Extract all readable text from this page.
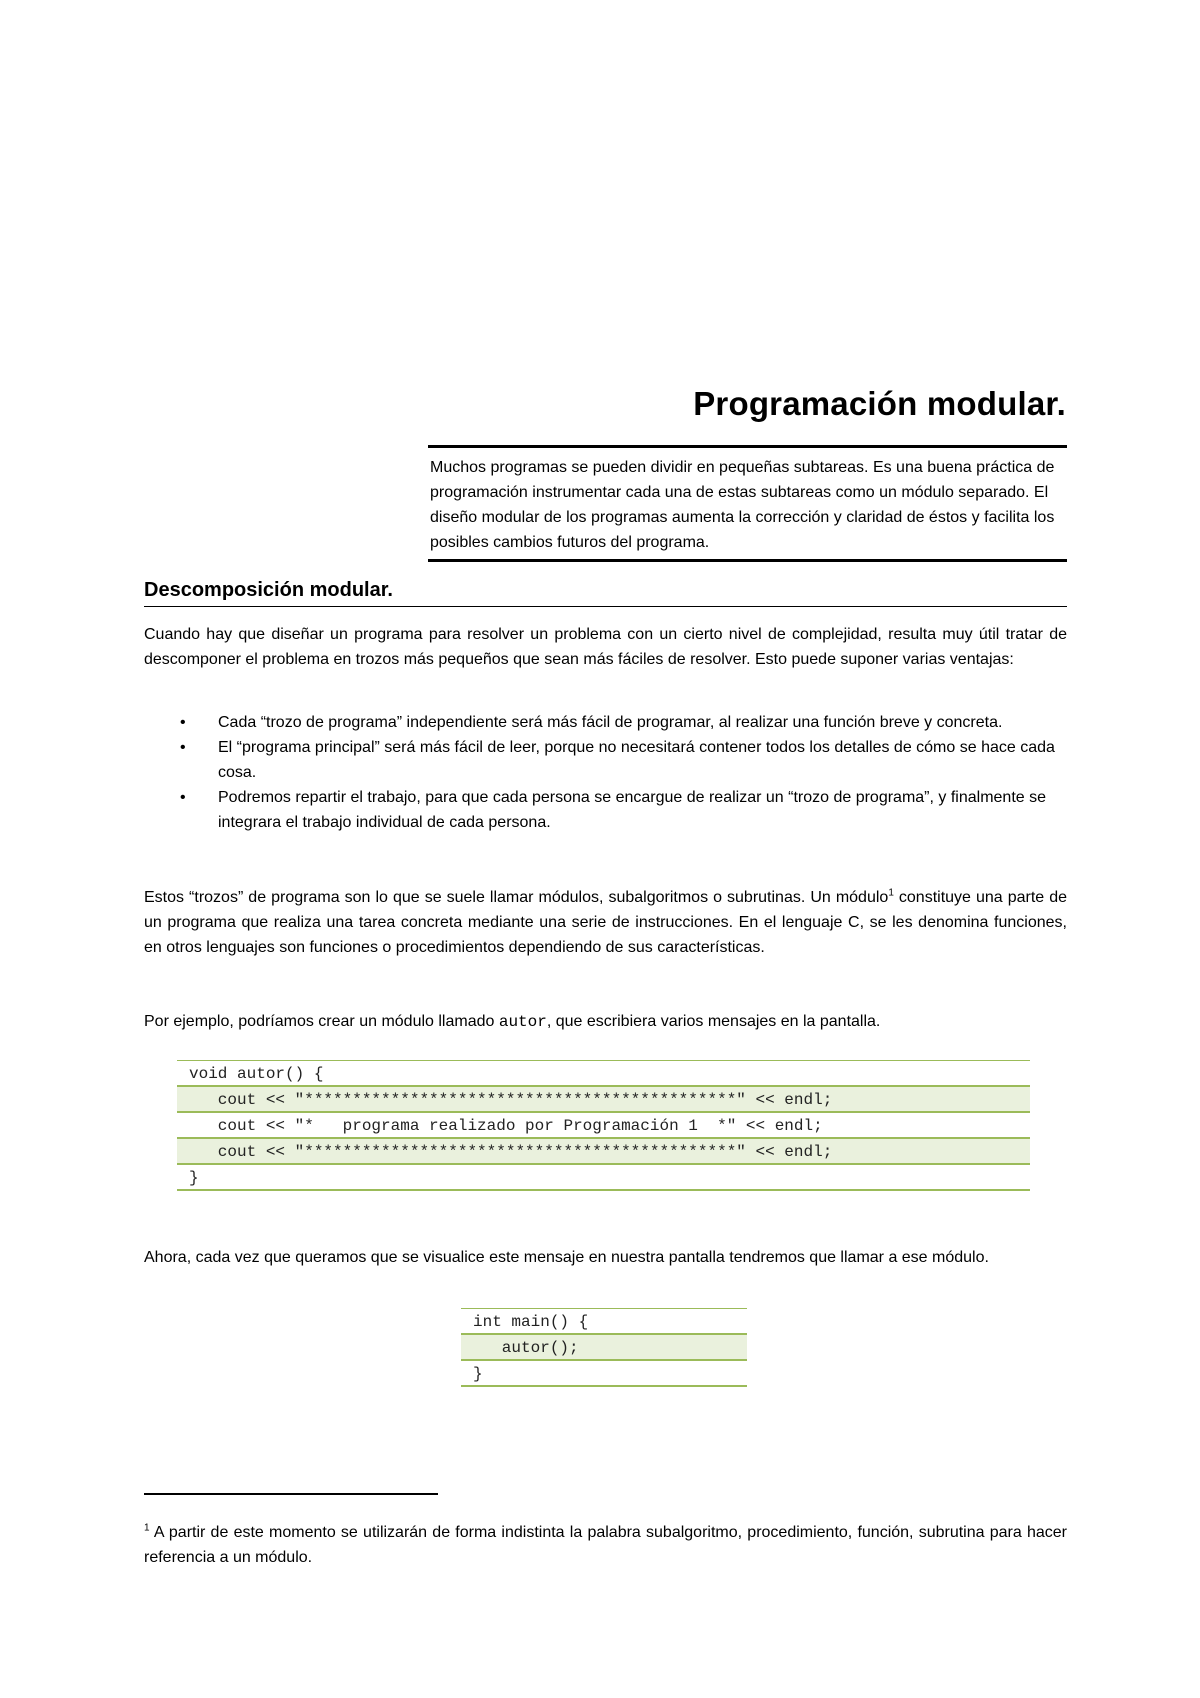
Programación modular.
Muchos programas se pueden dividir en pequeñas subtareas. Es una buena práctica de programación instrumentar cada una de estas subtareas como un módulo separado. El diseño modular de los programas aumenta la corrección y claridad de éstos y facilita los posibles cambios futuros del programa.
Descomposición modular.

Cuando hay que diseñar un programa para resolver un problema con un cierto nivel de complejidad, resulta muy útil tratar de descomponer el problema en trozos más pequeños que sean más fáciles de resolver. Esto puede suponer varias ventajas:

• Cada “trozo de programa” independiente será más fácil de programar, al realizar una función breve y concreta.
• El “programa principal” será más fácil de leer, porque no necesitará contener todos los detalles de cómo se hace cada cosa.
• Podremos repartir el trabajo, para que cada persona se encargue de realizar un “trozo de programa”, y finalmente se integrara el trabajo individual de cada persona.

Estos “trozos” de programa son lo que se suele llamar módulos, subalgoritmos o subrutinas. Un módulo$^1$ constituye una parte de un programa que realiza una tarea concreta mediante una serie de instrucciones. En el lenguaje C, se les denomina funciones, en otros lenguajes son funciones o procedimientos dependiendo de sus características.

Por ejemplo, podríamos crear un módulo llamado autor, que escribiera varios mensajes en la pantalla.

void autor() {
cout << "*********************************************" << endl;
cout << "*   programa realizado por Programación 1  *" << endl;
cout << "*********************************************" << endl;
}

Ahora, cada vez que queramos que se visualice este mensaje en nuestra pantalla tendremos que llamar a ese módulo.

int main() {
autor();
}

$^1$ A partir de este momento se utilizarán de forma indistinta la palabra subalgoritmo, procedimiento, función, subrutina para hacer referencia a un módulo.
